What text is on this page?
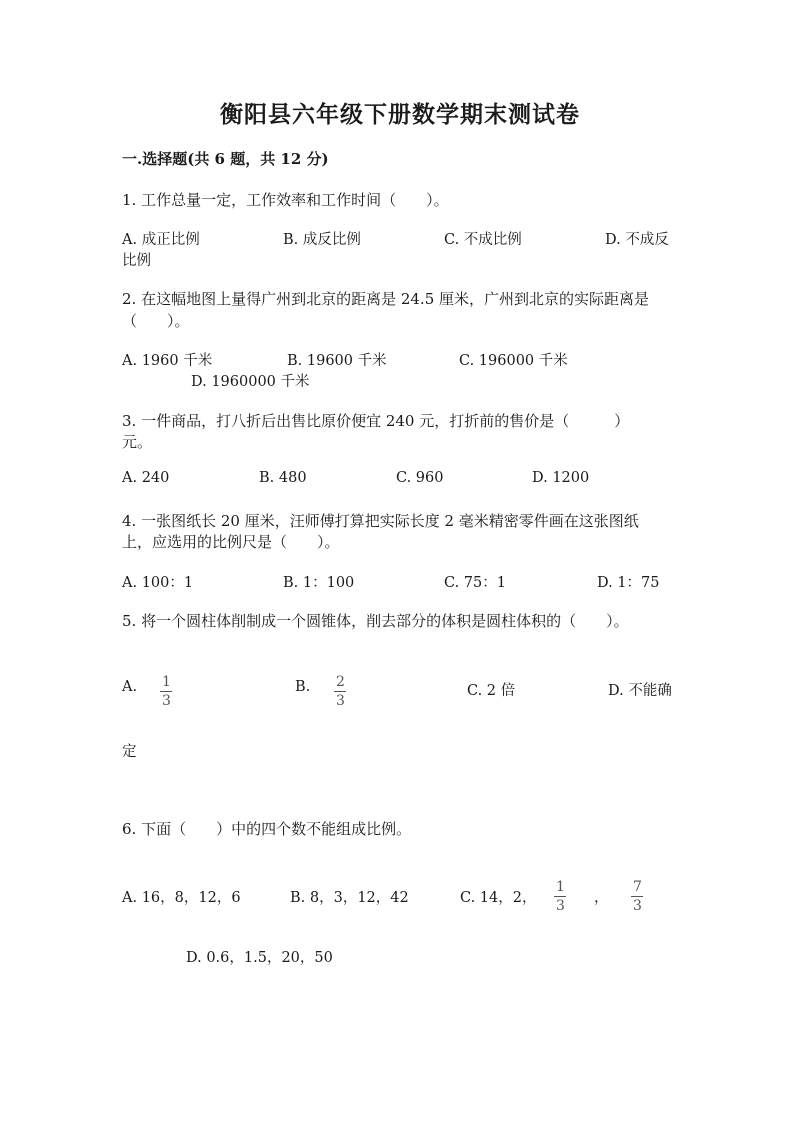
衡阳县六年级下册数学期末测试卷
一.选择题(共 6 题，共 12 分)
1. 工作总量一定，工作效率和工作时间（　　）。
A. 成正比例	B. 成反比例	C. 不成比例	D. 不成反
比例
2. 在这幅地图上量得广州到北京的距离是 24.5 厘米，广州到北京的实际距离是
（　　）。
A. 1960 千米	B. 19600 千米	C. 196000 千米
D. 1960000 千米
3. 一件商品，打八折后出售比原价便宜 240 元，打折前的售价是（　　　）
元。
A. 240	B. 480	C. 960	D. 1200
4. 一张图纸长 20 厘米，汪师傅打算把实际长度 2 毫米精密零件画在这张图纸
上，应选用的比例尺是（　　）。
A. 100：1	B. 1：100	C. 75：1	D. 1：75
5. 将一个圆柱体削制成一个圆锥体，削去部分的体积是圆柱体积的（　　）。
A. 1
3
B. 2
3
C. 2 倍	D. 不能确
定
6. 下面（　　）中的四个数不能组成比例。
A. 16，8，12，6	B. 8，3，12，42	C. 14，2，
1
3 ，
7
3
D. 0.6，1.5，20，50
